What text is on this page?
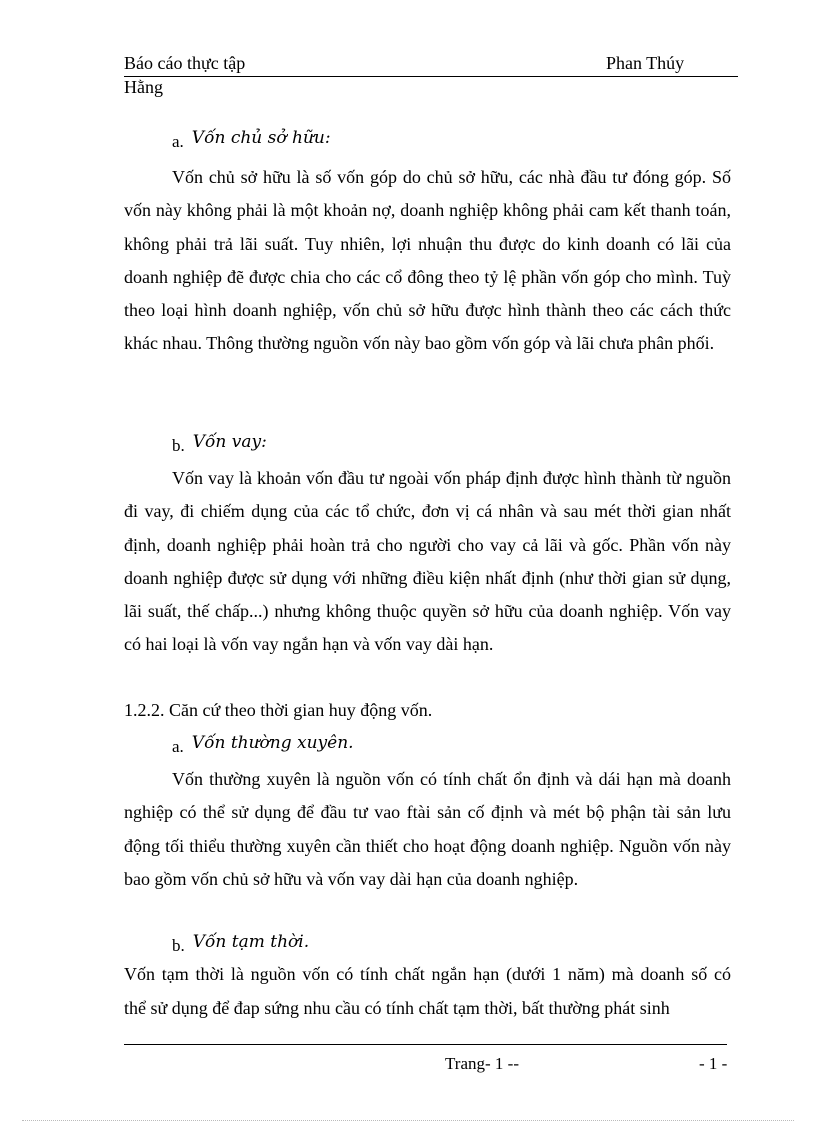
Báo cáo thực tập	Phan Thúy
Hằng
a. Vốn chủ sở hữu:

Vốn chủ sở hữu là số vốn góp do chủ sở hữu, các nhà đầu tư đóng góp. Số vốn này không phải là một khoản nợ, doanh nghiệp không phải cam kết thanh toán, không phải trả lãi suất. Tuy nhiên, lợi nhuận thu được do kinh doanh có lãi của doanh nghiệp đẽ được chia cho các cổ đông theo tỷ lệ phần vốn góp cho mình. Tuỳ theo loại hình doanh nghiệp, vốn chủ sở hữu được hình thành theo các cách thức khác nhau. Thông thường nguồn vốn này bao gồm vốn góp và lãi chưa phân phối.

b. Vốn vay:

Vốn vay là khoản vốn đầu tư ngoài vốn pháp định được hình thành từ nguồn đi vay, đi chiếm dụng của các tổ chức, đơn vị cá nhân và sau mét thời gian nhất định, doanh nghiệp phải hoàn trả cho người cho vay cả lãi và gốc. Phần vốn này doanh nghiệp được sử dụng với những điều kiện nhất định (như thời gian sử dụng, lãi suất, thế chấp...) nhưng không thuộc quyền sở hữu của doanh nghiệp. Vốn vay có hai loại là vốn vay ngắn hạn và vốn vay dài hạn.

1.2.2. Căn cứ theo thời gian huy động vốn.
a. Vốn thường xuyên.

Vốn thường xuyên là nguồn vốn có tính chất ổn định và dái hạn mà doanh nghiệp có thể sử dụng để đầu tư vao ftài sản cố định và mét bộ phận tài sản lưu động tối thiểu thường xuyên cần thiết cho hoạt động doanh nghiệp. Nguồn vốn này bao gồm vốn chủ sở hữu và vốn vay dài hạn của doanh nghiệp.

b. Vốn tạm thời.
Vốn tạm thời là nguồn vốn có tính chất ngắn hạn (dưới 1 năm) mà doanh số có
thể sử dụng để đap sứng nhu cầu có tính chất tạm thời, bất thường phát sinh
Trang- 1 --	- 1 -
